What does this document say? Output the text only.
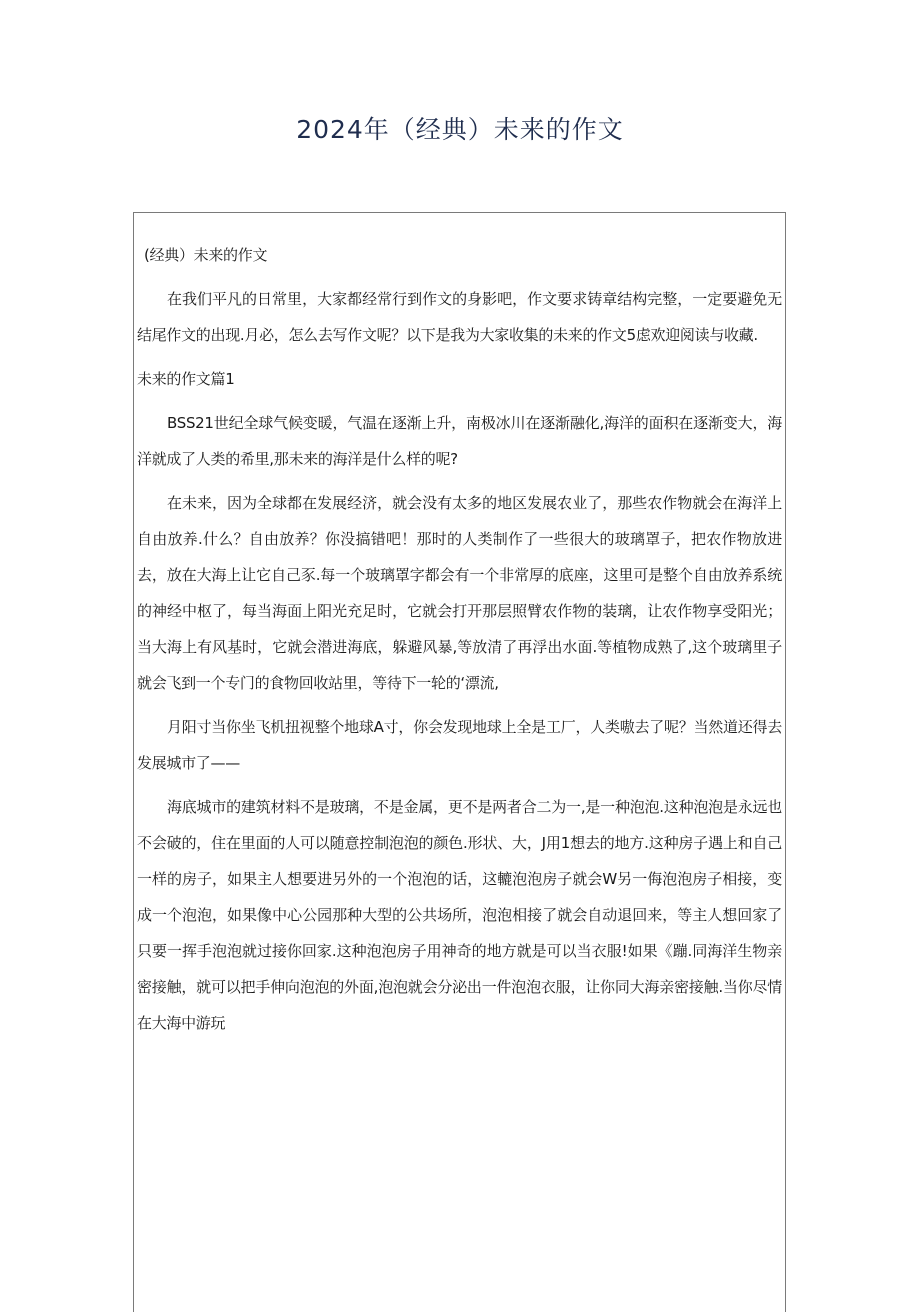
2024年（经典）未来的作文

(经典）未来的作文

在我们平凡的日常里，大家都经常行到作文的身影吧，作文要求铸章结构完整，一定要避免无结尾作文的出现.月必，怎么去写作文呢？以下是我为大家收集的未来的作文5虑欢迎阅读与收藏.

未来的作文篇1

BSS21世纪全球气候变暖，气温在逐渐上升，南极冰川在逐渐融化,海洋的面积在逐渐变大，海洋就成了人类的希里,那未来的海洋是什么样的呢?

在未来，因为全球都在发展经济，就会没有太多的地区发展农业了，那些农作物就会在海洋上自由放养.什么？自由放养？你没搞错吧！那时的人类制作了一些很大的玻璃罩子，把农作物放进去，放在大海上让它自己豕.每一个玻璃罩字都会有一个非常厚的底座，这里可是整个自由放养系统的神经中枢了，每当海面上阳光充足时，它就会打开那层照臂农作物的装璃，让农作物享受阳光；当大海上有风基时，它就会潜进海底，躲避风暴,等放清了再浮出水面.等植物成熟了,这个玻璃里子就会飞到一个专门的食物回收站里，等待下一轮的‘漂流,

月阳寸当你坐飞机扭视整个地球A寸，你会发现地球上全是工厂，人类嗷去了呢？当然道还得去发展城市了——

海底城市的建筑材料不是玻璃，不是金属，更不是两者合二为一,是一种泡泡.这种泡泡是永远也不会破的，住在里面的人可以随意控制泡泡的颜色.形状、大，J用1想去的地方.这种房子遇上和自己一样的房子，如果主人想要进另外的一个泡泡的话，这轆泡泡房子就会W另一侮泡泡房子相接，变成一个泡泡，如果像中心公园那种大型的公共场所，泡泡相接了就会自动退回来，等主人想回家了只要一挥手泡泡就过接你回家.这种泡泡房子用神奇的地方就是可以当衣服!如果《蹦.同海洋生物亲密接触，就可以把手伸向泡泡的外面,泡泡就会分泌出一件泡泡衣服，让你同大海亲密接触.当你尽情在大海中游玩
